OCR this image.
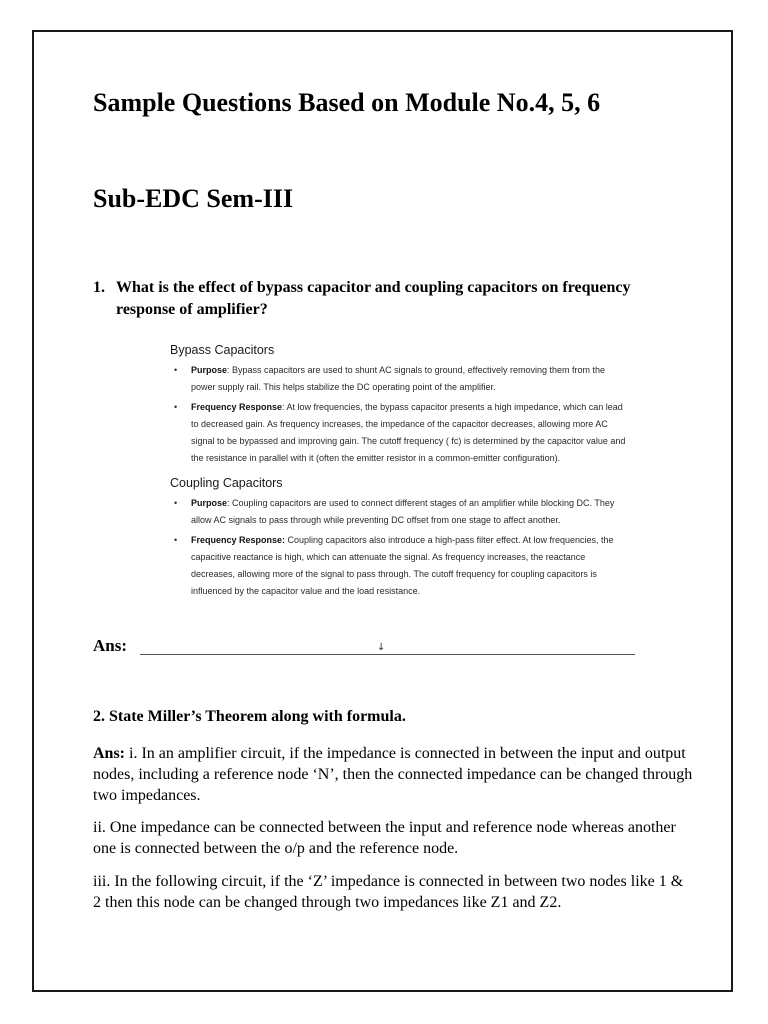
Sample Questions Based on Module No.4, 5, 6
Sub-EDC Sem-III
1. What is the effect of bypass capacitor and coupling capacitors on frequency response of amplifier?
Bypass Capacitors
• Purpose: Bypass capacitors are used to shunt AC signals to ground, effectively removing them from the power supply rail. This helps stabilize the DC operating point of the amplifier.
• Frequency Response: At low frequencies, the bypass capacitor presents a high impedance, which can lead to decreased gain. As frequency increases, the impedance of the capacitor decreases, allowing more AC signal to be bypassed and improving gain. The cutoff frequency ( fc) is determined by the capacitor value and the resistance in parallel with it (often the emitter resistor in a common-emitter configuration).
Coupling Capacitors
• Purpose: Coupling capacitors are used to connect different stages of an amplifier while blocking DC. They allow AC signals to pass through while preventing DC offset from one stage to affect another.
• Frequency Response: Coupling capacitors also introduce a high-pass filter effect. At low frequencies, the capacitive reactance is high, which can attenuate the signal. As frequency increases, the reactance decreases, allowing more of the signal to pass through. The cutoff frequency for coupling capacitors is influenced by the capacitor value and the load resistance.
Ans:	↓
2. State Miller’s Theorem along with formula.

Ans: i. In an amplifier circuit, if the impedance is connected in between the input and output nodes, including a reference node ‘N’, then the connected impedance can be changed through two impedances.

ii. One impedance can be connected between the input and reference node whereas another one is connected between the o/p and the reference node.

iii. In the following circuit, if the ‘Z’ impedance is connected in between two nodes like 1 & 2 then this node can be changed through two impedances like Z1 and Z2.
